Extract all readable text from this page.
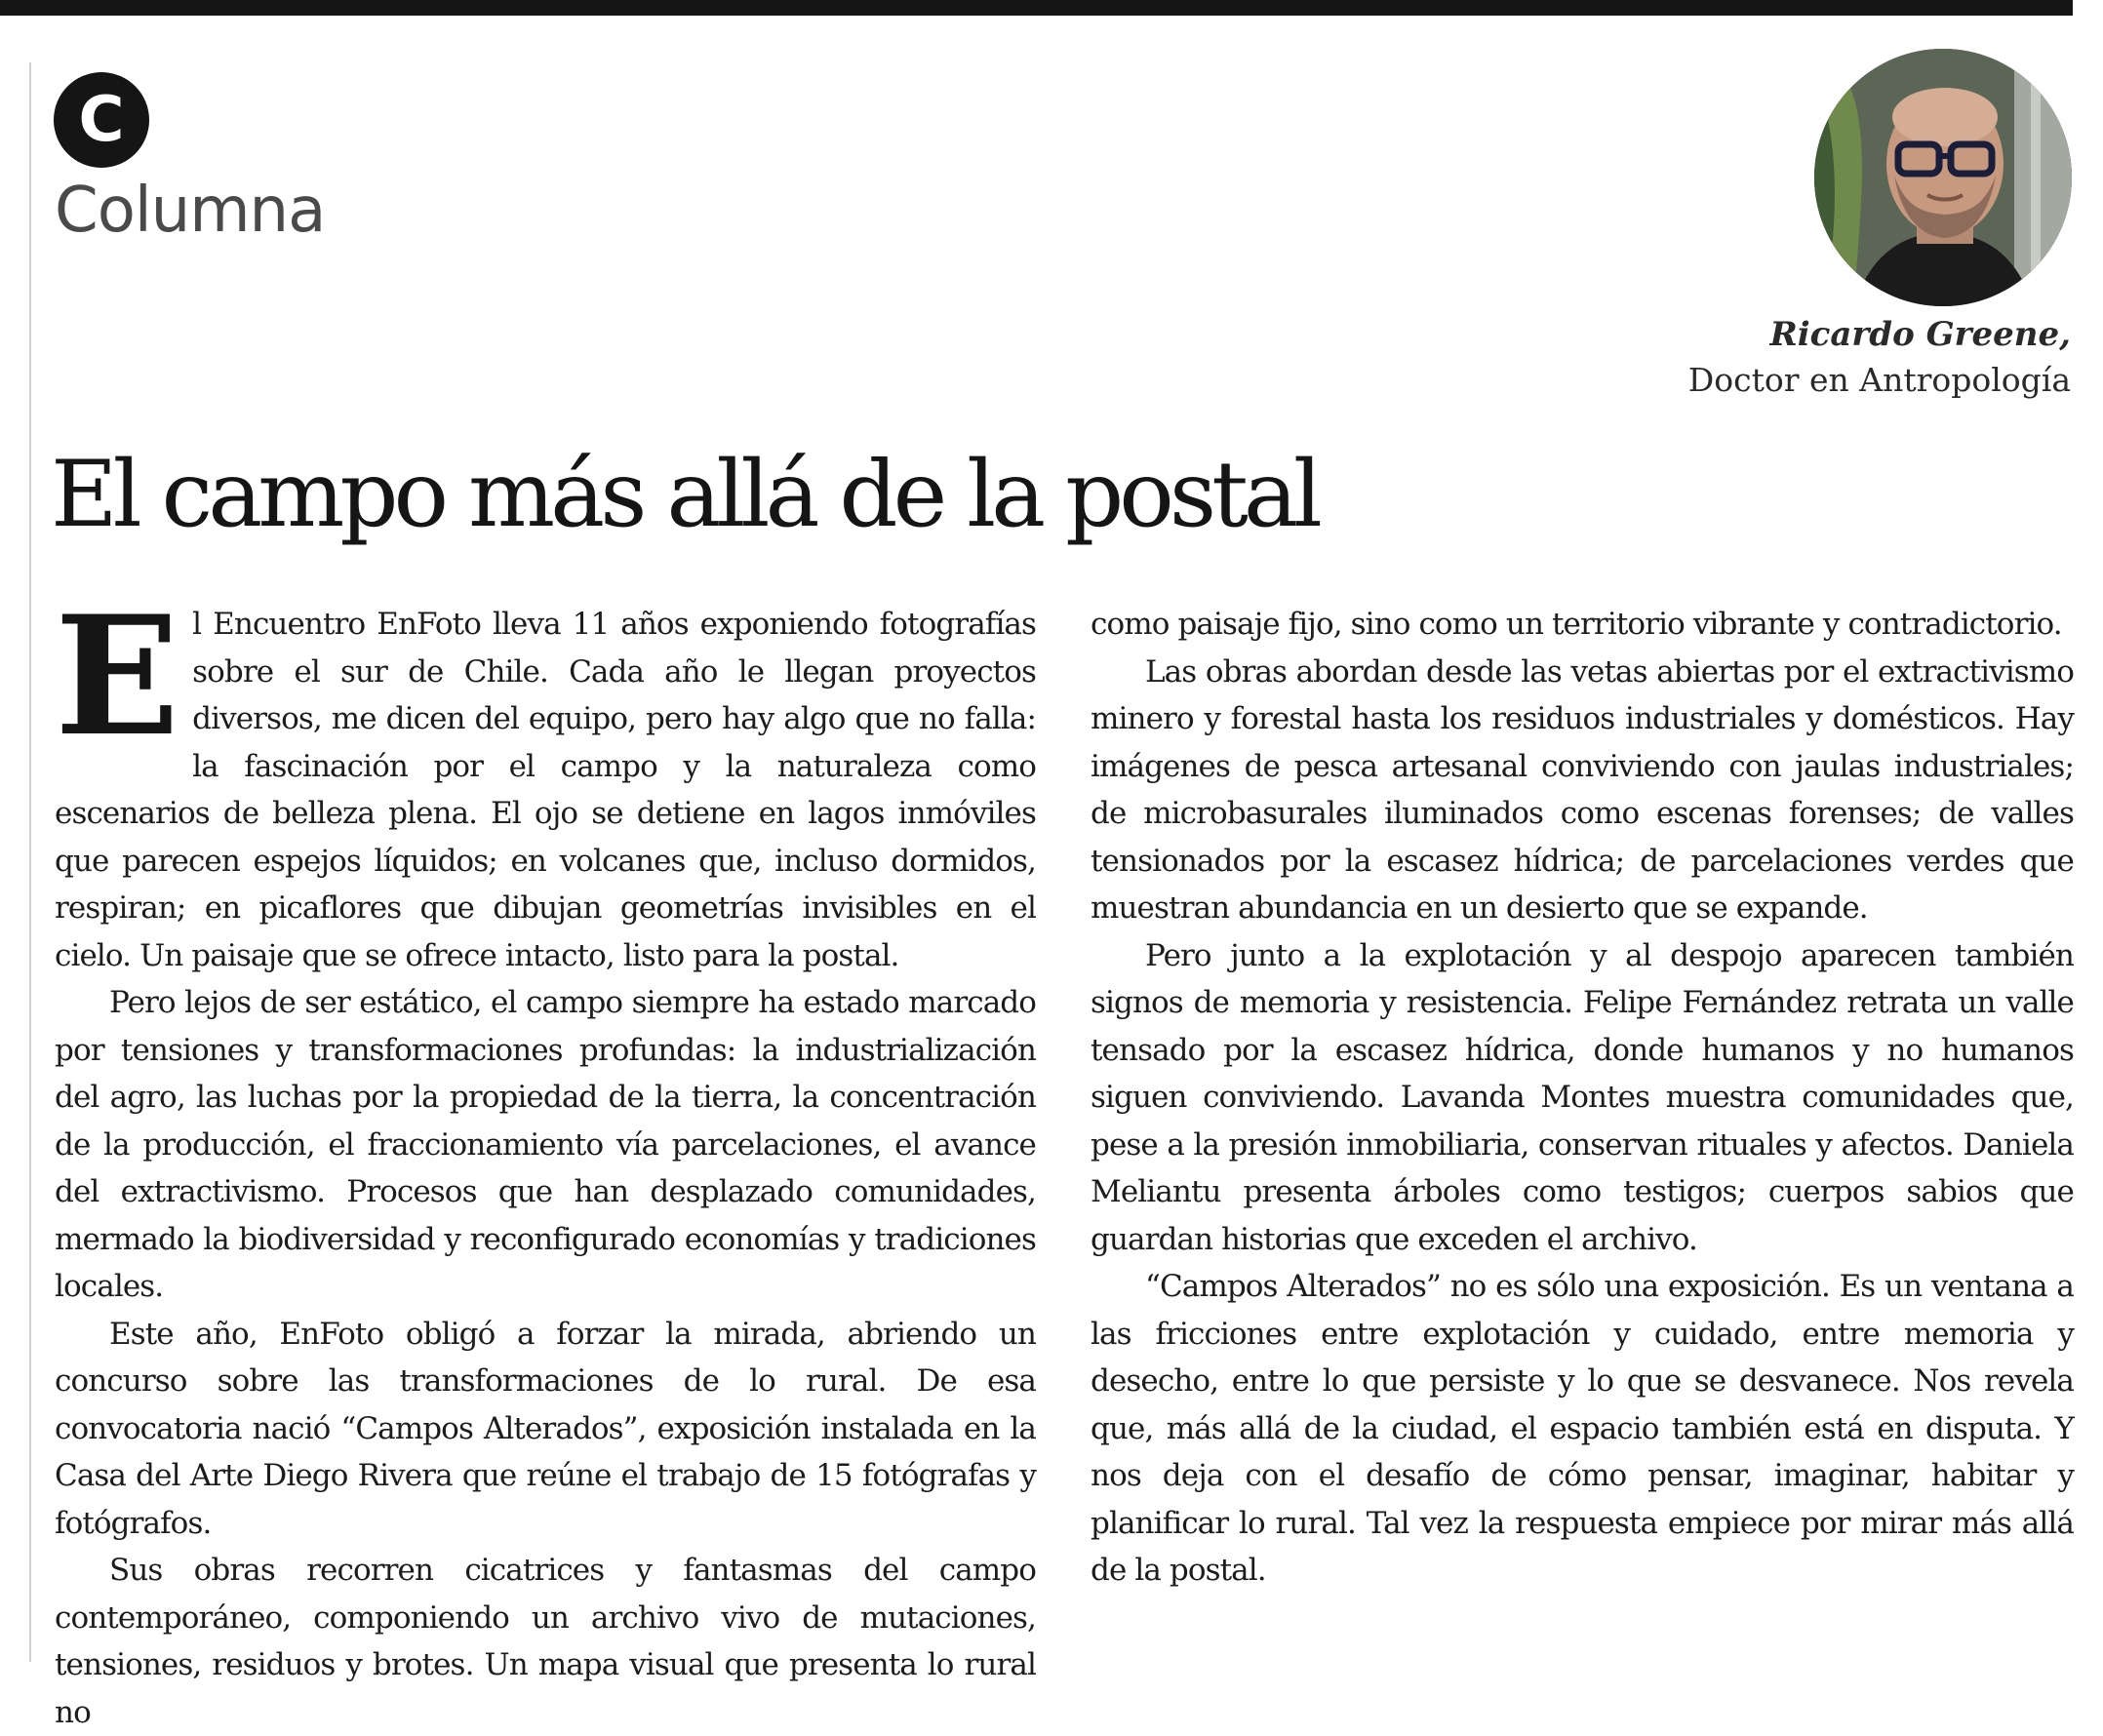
C
Columna
Ricardo Greene,
Doctor en Antropología
El campo más allá de la postal

El Encuentro EnFoto lleva 11 años exponiendo fotografías sobre el sur de Chile. Cada año le llegan proyectos diversos, me dicen del equipo, pero hay algo que no falla: la fascinación por el campo y la naturaleza como escenarios de belleza plena. El ojo se detiene en lagos inmóviles que parecen espejos líquidos; en volcanes que, incluso dormidos, respiran; en picaflores que dibujan geometrías invisibles en el cielo. Un paisaje que se ofrece intacto, listo para la postal.

Pero lejos de ser estático, el campo siempre ha estado marcado por tensiones y transformaciones profundas: la industrialización del agro, las luchas por la propiedad de la tierra, la concentración de la producción, el fraccionamiento vía parcelaciones, el avance del extractivismo. Procesos que han desplazado comunidades, mermado la biodiversidad y reconfigurado economías y tradiciones locales.

Este año, EnFoto obligó a forzar la mirada, abriendo un concurso sobre las transformaciones de lo rural. De esa convocatoria nació “Campos Alterados”, exposición instalada en la Casa del Arte Diego Rivera que reúne el trabajo de 15 fotógrafas y fotógrafos.

Sus obras recorren cicatrices y fantasmas del campo contemporáneo, componiendo un archivo vivo de mutaciones, tensiones, residuos y brotes. Un mapa visual que presenta lo rural no

como paisaje fijo, sino como un territorio vibrante y contradictorio.

Las obras abordan desde las vetas abiertas por el extractivismo minero y forestal hasta los residuos industriales y domésticos. Hay imágenes de pesca artesanal conviviendo con jaulas industriales; de microbasurales iluminados como escenas forenses; de valles tensionados por la escasez hídrica; de parcelaciones verdes que muestran abundancia en un desierto que se expande.

Pero junto a la explotación y al despojo aparecen también signos de memoria y resistencia. Felipe Fernández retrata un valle tensado por la escasez hídrica, donde humanos y no humanos siguen conviviendo. Lavanda Montes muestra comunidades que, pese a la presión inmobiliaria, conservan rituales y afectos. Daniela Meliantu presenta árboles como testigos; cuerpos sabios que guardan historias que exceden el archivo.

“Campos Alterados” no es sólo una exposición. Es un ventana a las fricciones entre explotación y cuidado, entre memoria y desecho, entre lo que persiste y lo que se desvanece. Nos revela que, más allá de la ciudad, el espacio también está en disputa. Y nos deja con el desafío de cómo pensar, imaginar, habitar y planificar lo rural. Tal vez la respuesta empiece por mirar más allá de la postal.
